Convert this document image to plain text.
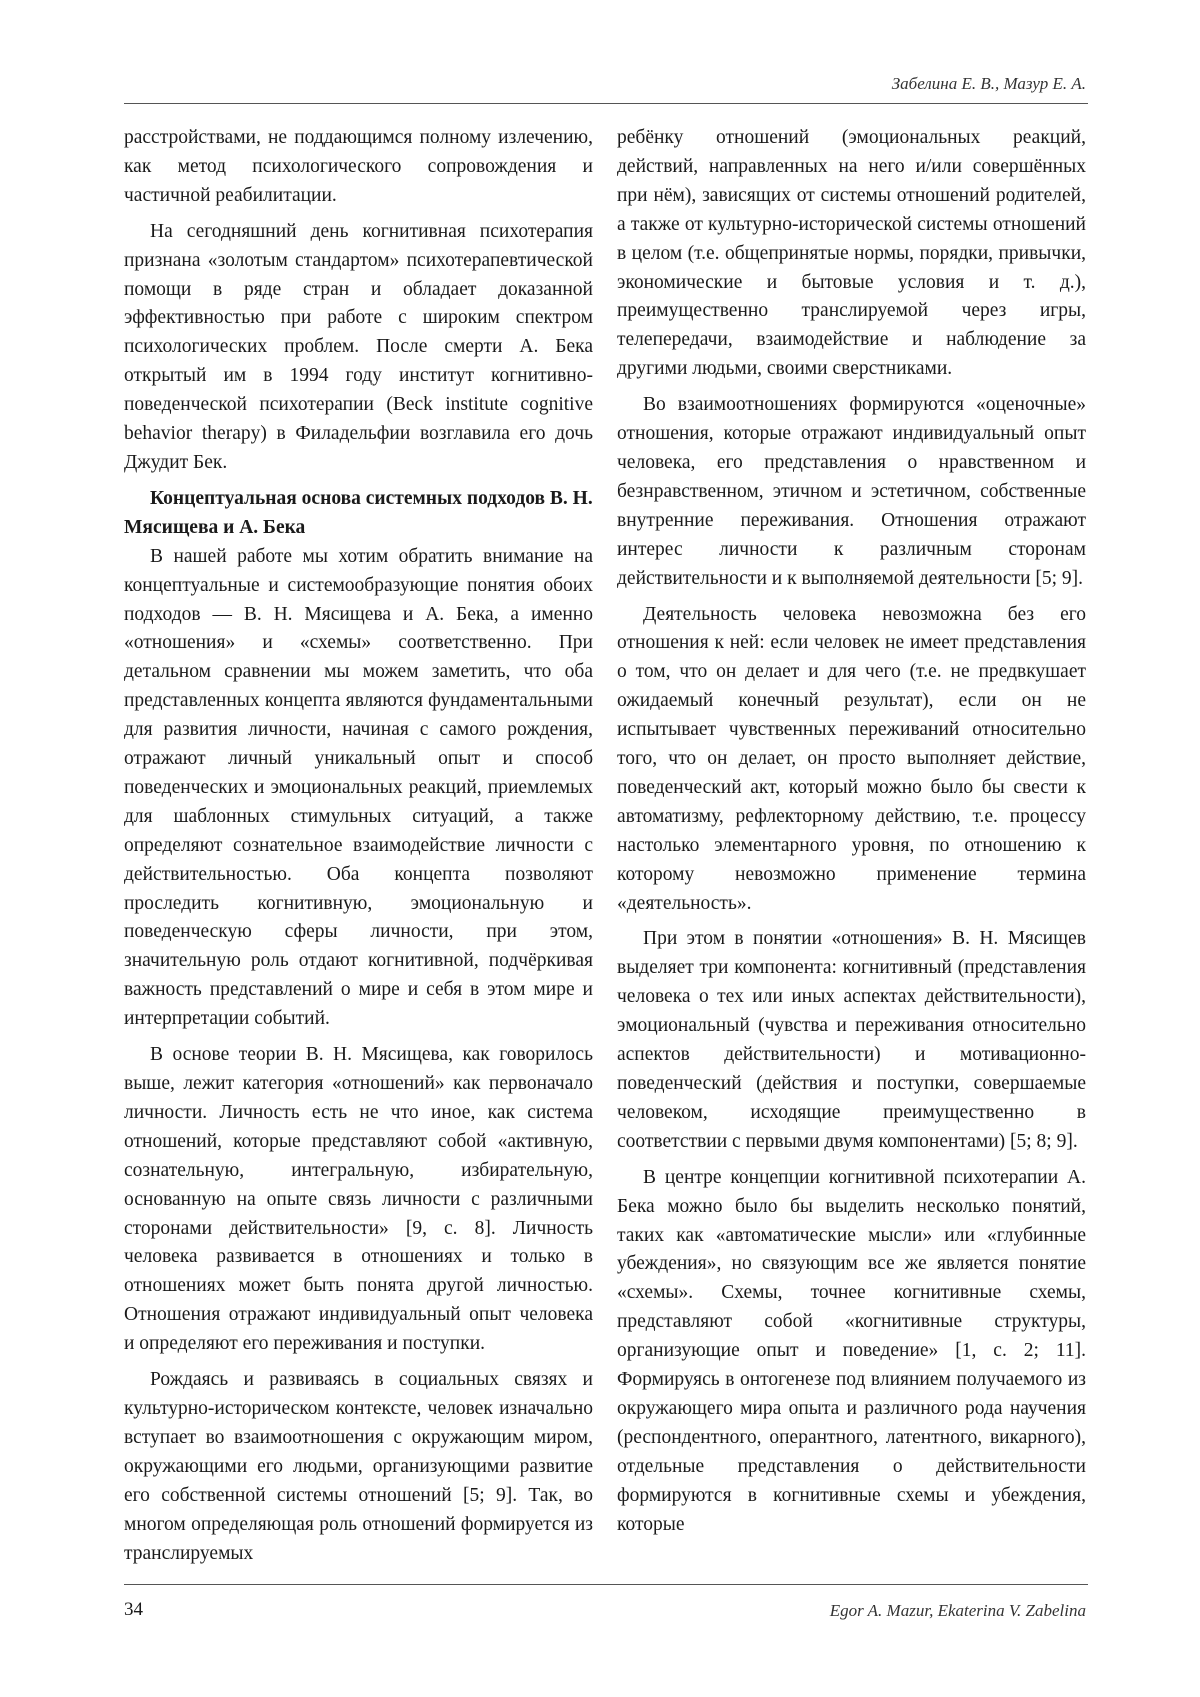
Забелина Е. В., Мазур Е. А.

расстройствами, не поддающимся полному излечению, как метод психологического сопровождения и частичной реабилитации.

На сегодняшний день когнитивная психотерапия признана «золотым стандартом» психотерапевтической помощи в ряде стран и обладает доказанной эффективностью при работе с широким спектром психологических проблем. После смерти А. Бека открытый им в 1994 году институт когнитивно-поведенческой психотерапии (Beck institute cognitive behavior therapy) в Филадельфии возглавила его дочь Джудит Бек.

Концептуальная основа системных подходов В. Н. Мясищева и А. Бека

В нашей работе мы хотим обратить внимание на концептуальные и системообразующие понятия обоих подходов — В. Н. Мясищева и А. Бека, а именно «отношения» и «схемы» соответственно. При детальном сравнении мы можем заметить, что оба представленных концепта являются фундаментальными для развития личности, начиная с самого рождения, отражают личный уникальный опыт и способ поведенческих и эмоциональных реакций, приемлемых для шаблонных стимульных ситуаций, а также определяют сознательное взаимодействие личности с действительностью. Оба концепта позволяют проследить когнитивную, эмоциональную и поведенческую сферы личности, при этом, значительную роль отдают когнитивной, подчёркивая важность представлений о мире и себя в этом мире и интерпретации событий.

В основе теории В. Н. Мясищева, как говорилось выше, лежит категория «отношений» как первоначало личности. Личность есть не что иное, как система отношений, которые представляют собой «активную, сознательную, интегральную, избирательную, основанную на опыте связь личности с различными сторонами действительности» [9, с. 8]. Личность человека развивается в отношениях и только в отношениях может быть понята другой личностью. Отношения отражают индивидуальный опыт человека и определяют его переживания и поступки.

Рождаясь и развиваясь в социальных связях и культурно-историческом контексте, человек изначально вступает во взаимоотношения с окружающим миром, окружающими его людьми, организующими развитие его собственной системы отношений [5; 9]. Так, во многом определяющая роль отношений формируется из транслируемых

ребёнку отношений (эмоциональных реакций, действий, направленных на него и/или совершённых при нём), зависящих от системы отношений родителей, а также от культурно-исторической системы отношений в целом (т.е. общепринятые нормы, порядки, привычки, экономические и бытовые условия и т. д.), преимущественно транслируемой через игры, телепередачи, взаимодействие и наблюдение за другими людьми, своими сверстниками.

Во взаимоотношениях формируются «оценочные» отношения, которые отражают индивидуальный опыт человека, его представления о нравственном и безнравственном, этичном и эстетичном, собственные внутренние переживания. Отношения отражают интерес личности к различным сторонам действительности и к выполняемой деятельности [5; 9].

Деятельность человека невозможна без его отношения к ней: если человек не имеет представления о том, что он делает и для чего (т.е. не предвкушает ожидаемый конечный результат), если он не испытывает чувственных переживаний относительно того, что он делает, он просто выполняет действие, поведенческий акт, который можно было бы свести к автоматизму, рефлекторному действию, т.е. процессу настолько элементарного уровня, по отношению к которому невозможно применение термина «деятельность».

При этом в понятии «отношения» В. Н. Мясищев выделяет три компонента: когнитивный (представления человека о тех или иных аспектах действительности), эмоциональный (чувства и переживания относительно аспектов действительности) и мотивационно-поведенческий (действия и поступки, совершаемые человеком, исходящие преимущественно в соответствии с первыми двумя компонентами) [5; 8; 9].

В центре концепции когнитивной психотерапии А. Бека можно было бы выделить несколько понятий, таких как «автоматические мысли» или «глубинные убеждения», но связующим все же является понятие «схемы». Схемы, точнее когнитивные схемы, представляют собой «когнитивные структуры, организующие опыт и поведение» [1, с. 2; 11]. Формируясь в онтогенезе под влиянием получаемого из окружающего мира опыта и различного рода научения (респондентного, оперантного, латентного, викарного), отдельные представления о действительности формируются в когнитивные схемы и убеждения, которые

34	Egor A. Mazur, Ekaterina V. Zabelina
